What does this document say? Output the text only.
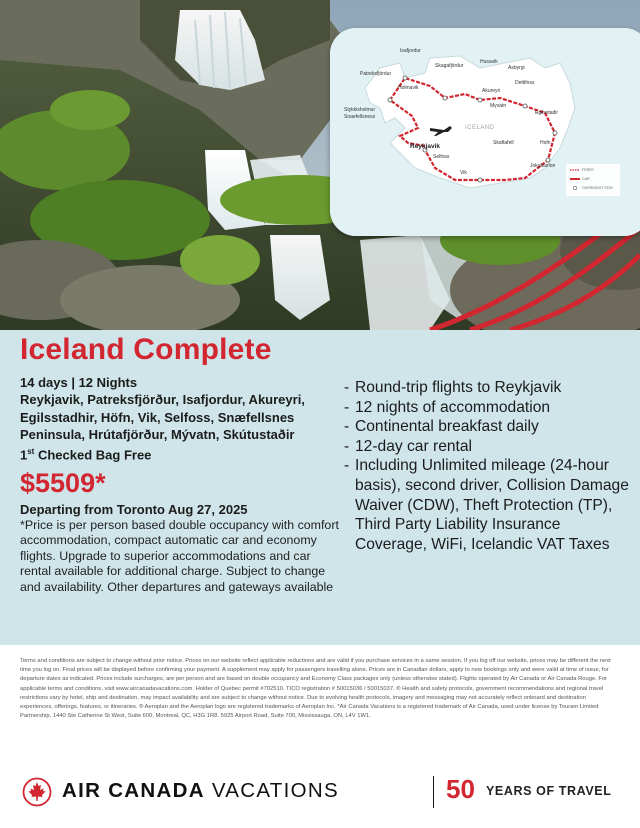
Isafjordur
Patreksfjördur
Holmavik
Skagafjördur
Husavik
Akureyri
Asbyrgi
Dettifoss
Myvatn
Egilsstadir
Stykkisholmur
Snaefellsness
ICELAND
Reykjavik
Selfoss
Skaftafell	Hofn
Jokulsarlon
Vik	FERRY
CAR
OVERNIGHT STAY
Iceland Complete
14 days | 12 Nights
Reykjavik, Patreksfjörður, Isafjordur, Akureyri, Egilsstadhir, Höfn, Vik, Selfoss, Snæfellsnes Peninsula, Hrútafjörður, Mývatn, Skútustaðir
1st Checked Bag Free
$5509*
Departing from Toronto Aug 27, 2025
*Price is per person based double occupancy with comfort accommodation, compact automatic car and economy flights. Upgrade to superior accommodations and car rental available for additional charge. Subject to change and availability. Other departures and gateways available
- Round-trip flights to Reykjavik
- 12 nights of accommodation
- Continental breakfast daily
- 12-day car rental
- Including Unlimited mileage (24-hour basis), second driver, Collision Damage Waiver (CDW), Theft Protection (TP), Third Party Liability Insurance Coverage, WiFi, Icelandic VAT Taxes

Terms and conditions are subject to change without prior notice. Prices on our website reflect applicable reductions and are valid if you purchase services in a same session. If you log off our website, prices may be different the next time you log on. Final prices will be displayed before confirming your payment. A supplement may apply for passengers travelling alone. Prices are in Canadian dollars, apply to new bookings only and were valid at time of issue, for departure dates as indicated. Prices include surcharges, are per person and are based on double occupancy and Economy Class packages only (unless otherwise stated). Flights operated by Air Canada or Air Canada Rouge. For applicable terms and conditions, visit www.aircanadavacations.com. Holder of Quebec permit #702510. TICO registration # 50015036 / 50015037. ® Health and safety protocols, government recommendations and regional travel restrictions vary by hotel, ship and destination, may impact availability and are subject to change without notice. Due to evolving health protocols, imagery and messaging may not accurately reflect onboard and destination experiences, offerings, features, or itineraries. ® Aeroplan and the Aeroplan logo are registered trademarks of Aeroplan Inc. *Air Canada Vacations is a registered trademark of Air Canada, used under license by Touram Limited Partnership. 1440 Ste Catherine St West, Suite 600, Montreal, QC, H3G 1R8. 5925 Airport Road, Suite 700, Mississauga, ON, L4V 1W1.

AIR CANADA VACATIONS	50 YEARS OF TRAVEL
